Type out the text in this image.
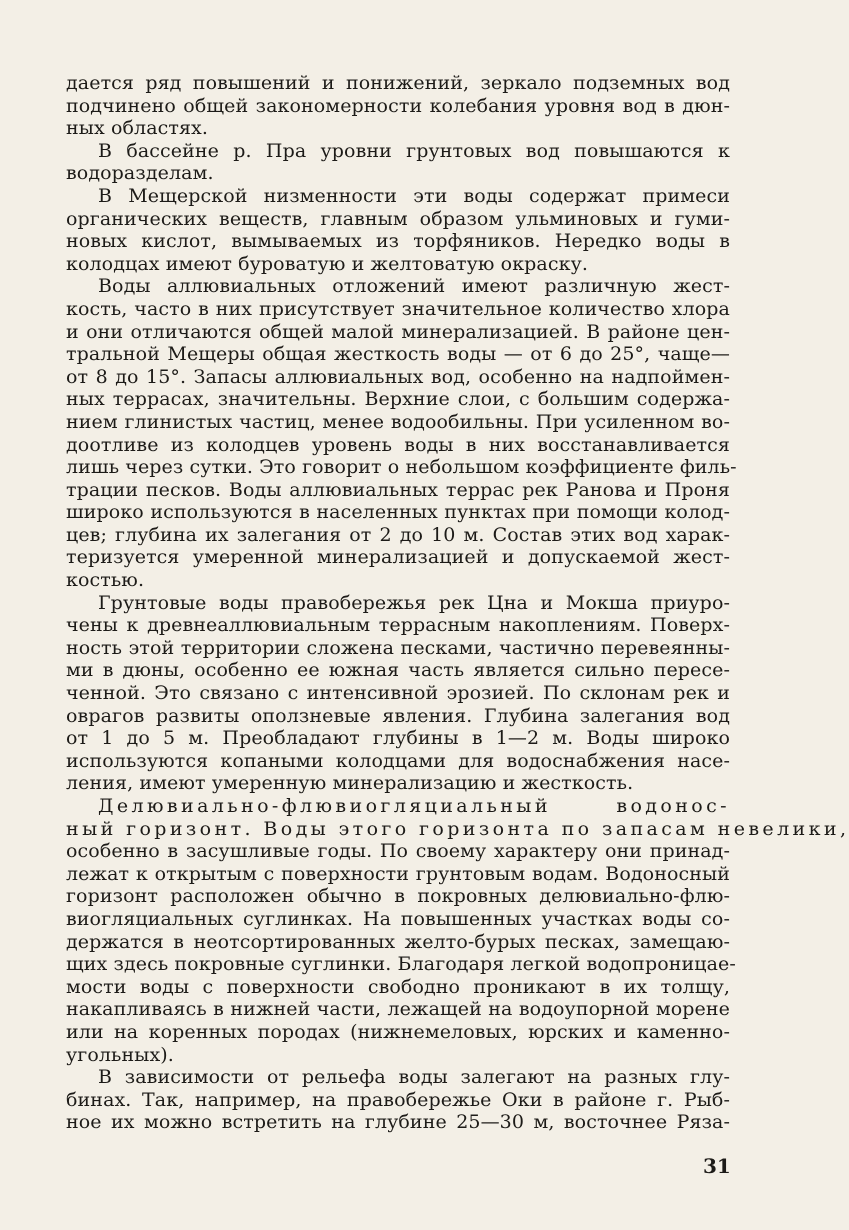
дается ряд повышений и понижений, зеркало подземных вод
подчинено общей закономерности колебания уровня вод в дюн-
ных областях.
В бассейне р. Пра уровни грунтовых вод повышаются к
водоразделам.
В Мещерской низменности эти воды содержат примеси
органических веществ, главным образом ульминовых и гуми-
новых кислот, вымываемых из торфяников. Нередко воды в
колодцах имеют буроватую и желтоватую окраску.
Воды аллювиальных отложений имеют различную жест-
кость, часто в них присутствует значительное количество хлора
и они отличаются общей малой минерализацией. В районе цен-
тральной Мещеры общая жесткость воды — от 6 до 25°, чаще—
от 8 до 15°. Запасы аллювиальных вод, особенно на надпоймен-
ных террасах, значительны. Верхние слои, с большим содержа-
нием глинистых частиц, менее водообильны. При усиленном во-
доотливе из колодцев уровень воды в них восстанавливается
лишь через сутки. Это говорит о небольшом коэффициенте филь-
трации песков. Воды аллювиальных террас рек Ранова и Проня
широко используются в населенных пунктах при помощи колод-
цев; глубина их залегания от 2 до 10 м. Состав этих вод харак-
теризуется умеренной минерализацией и допускаемой жест-
костью.
Грунтовые воды правобережья рек Цна и Мокша приуро-
чены к древнеаллювиальным террасным накоплениям. Поверх-
ность этой территории сложена песками, частично перевеянны-
ми в дюны, особенно ее южная часть является сильно пересе-
ченной. Это связано с интенсивной эрозией. По склонам рек и
оврагов развиты оползневые явления. Глубина залегания вод
от 1 до 5 м. Преобладают глубины в 1—2 м. Воды широко
используются копаными колодцами для водоснабжения насе-
ления, имеют умеренную минерализацию и жесткость.
Делювиально-флювиогляциальный водонос-
ный горизонт. Воды этого горизонта по запасам невелики,
особенно в засушливые годы. По своему характеру они принад-
лежат к открытым с поверхности грунтовым водам. Водоносный
горизонт расположен обычно в покровных делювиально-флю-
виогляциальных суглинках. На повышенных участках воды со-
держатся в неотсортированных желто-бурых песках, замещаю-
щих здесь покровные суглинки. Благодаря легкой водопроницае-
мости воды с поверхности свободно проникают в их толщу,
накапливаясь в нижней части, лежащей на водоупорной морене
или на коренных породах (нижнемеловых, юрских и каменно-
угольных).
В зависимости от рельефа воды залегают на разных глу-
бинах. Так, например, на правобережье Оки в районе г. Рыб-
ное их можно встретить на глубине 25—30 м, восточнее Ряза-
31
